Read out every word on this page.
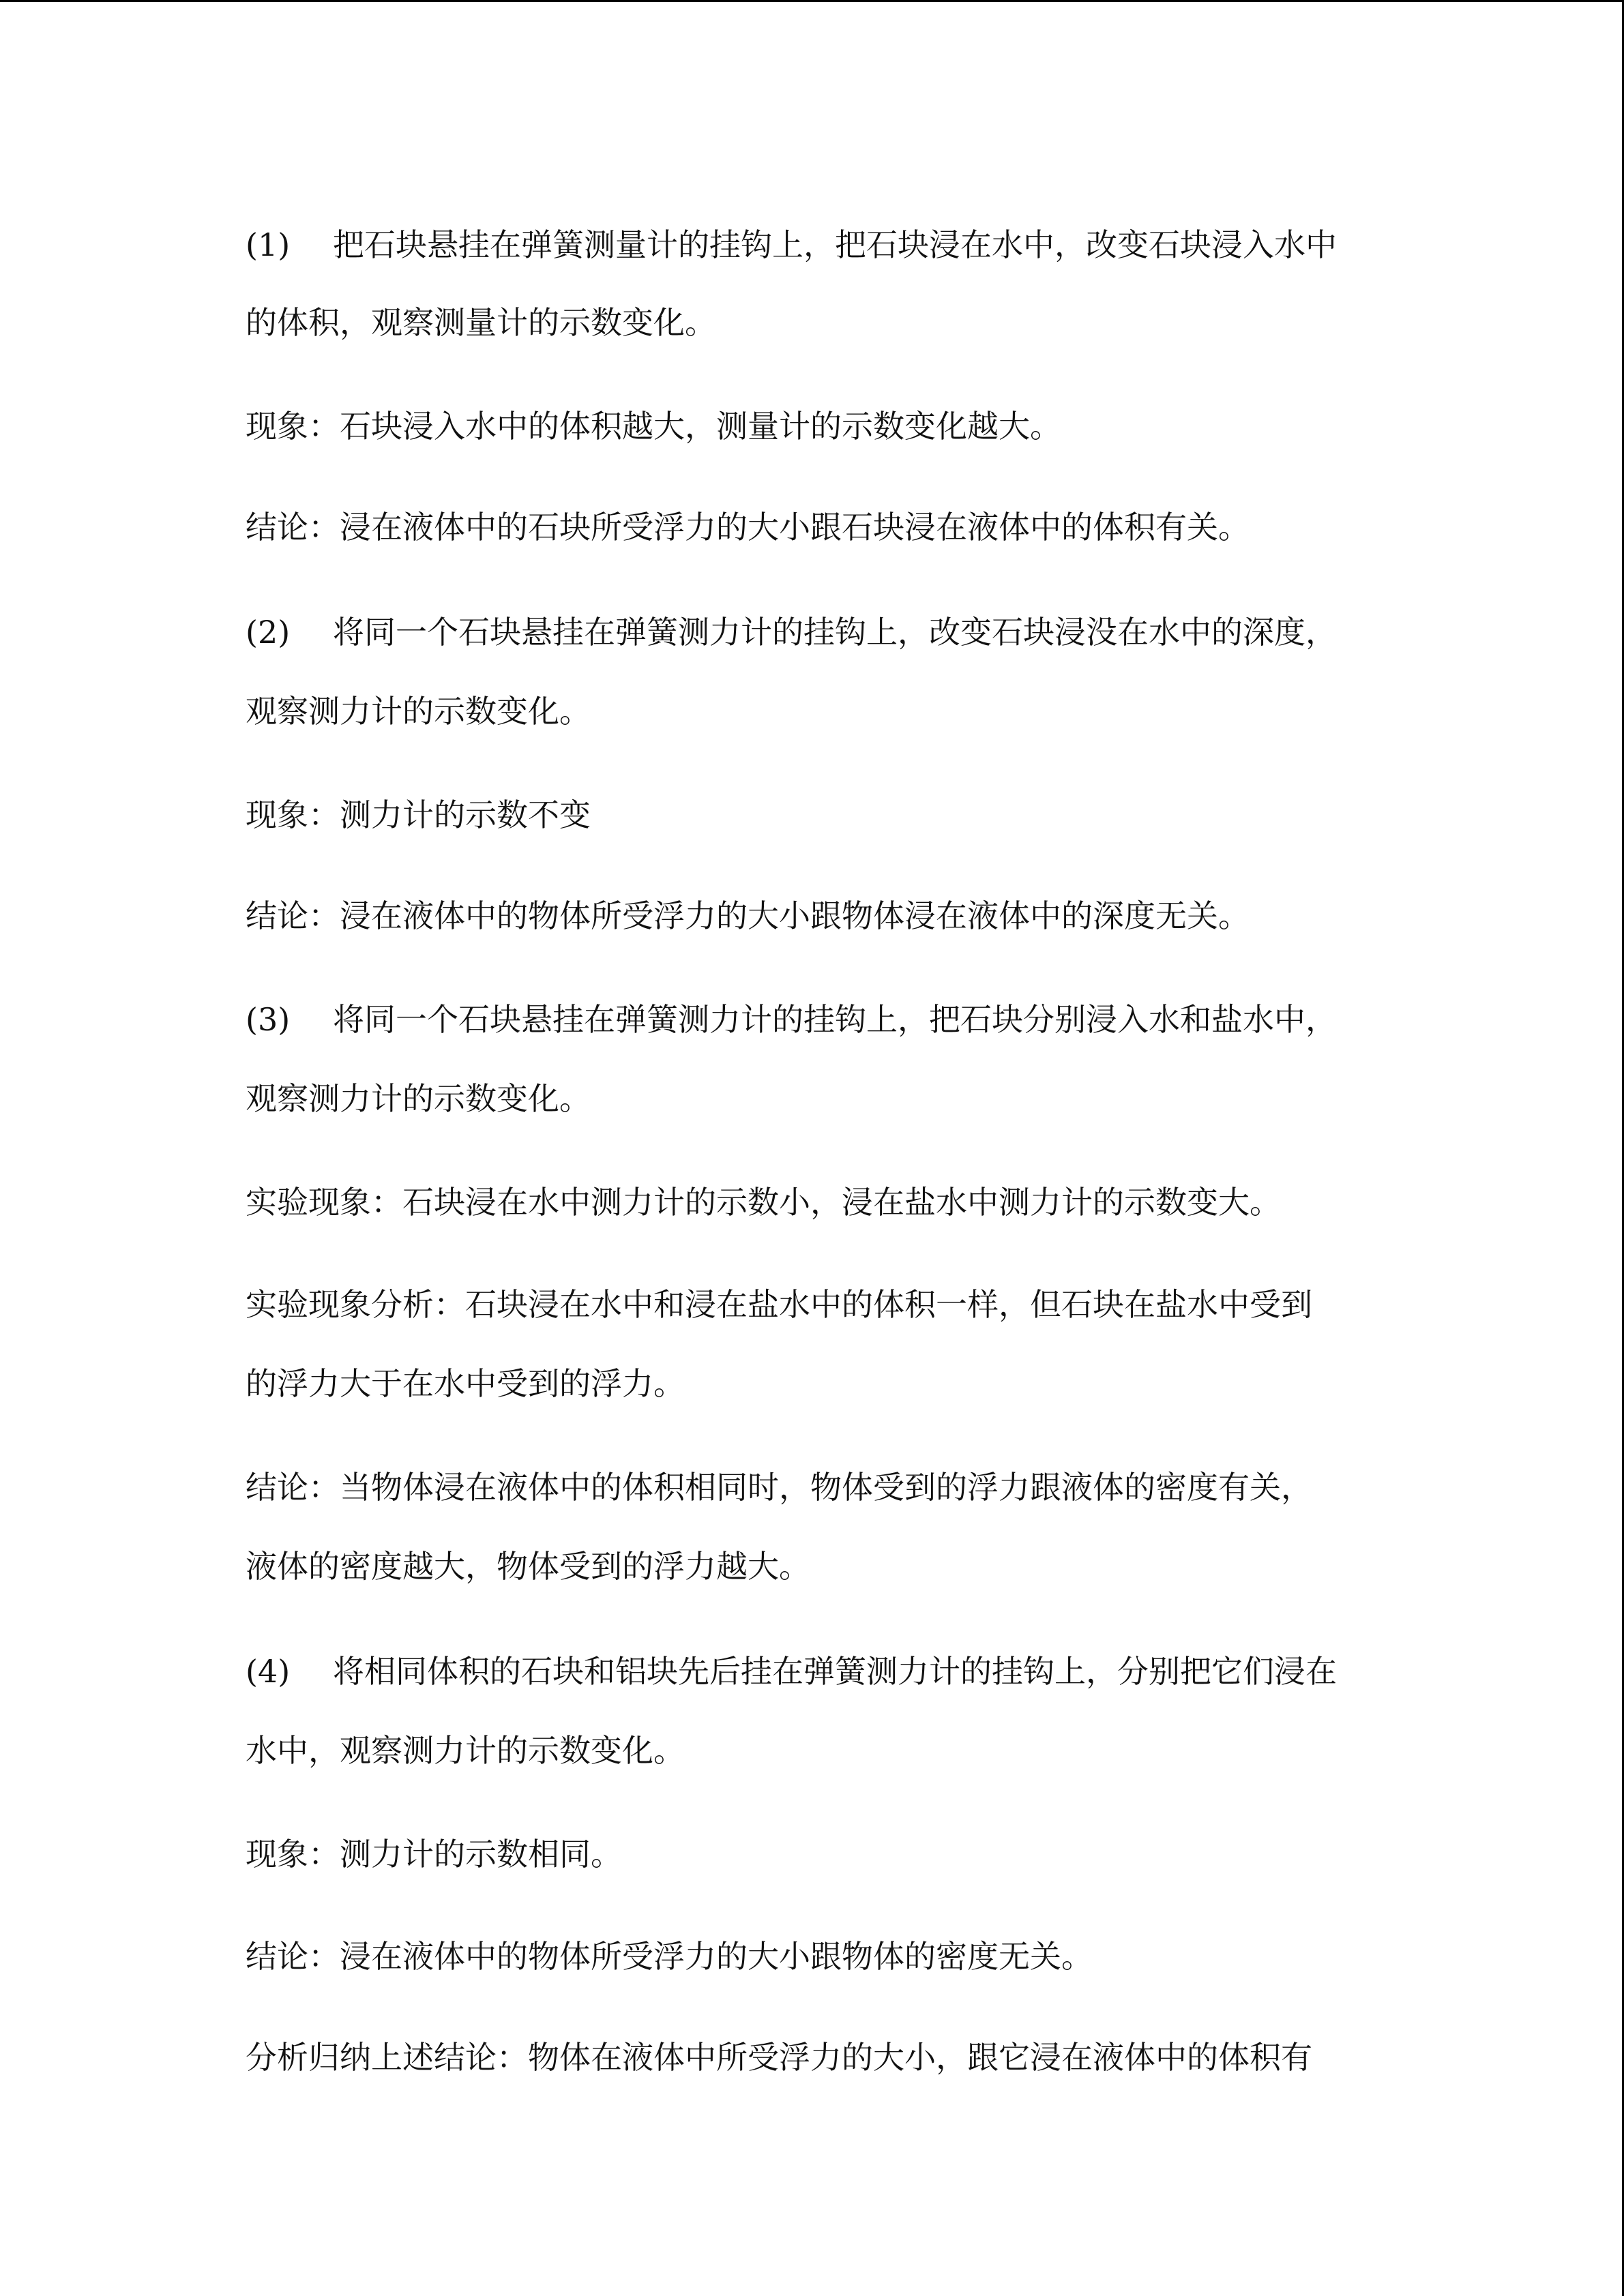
(1) 把石块悬挂在弹簧测量计的挂钩上，把石块浸在水中，改变石块浸入水中
的体积，观察测量计的示数变化。
现象：石块浸入水中的体积越大，测量计的示数变化越大。
结论：浸在液体中的石块所受浮力的大小跟石块浸在液体中的体积有关。
(2) 将同一个石块悬挂在弹簧测力计的挂钩上，改变石块浸没在水中的深度，
观察测力计的示数变化。
现象：测力计的示数不变
结论：浸在液体中的物体所受浮力的大小跟物体浸在液体中的深度无关。
(3) 将同一个石块悬挂在弹簧测力计的挂钩上，把石块分别浸入水和盐水中，
观察测力计的示数变化。
实验现象：石块浸在水中测力计的示数小，浸在盐水中测力计的示数变大。
实验现象分析：石块浸在水中和浸在盐水中的体积一样，但石块在盐水中受到
的浮力大于在水中受到的浮力。
结论：当物体浸在液体中的体积相同时，物体受到的浮力跟液体的密度有关，
液体的密度越大，物体受到的浮力越大。
(4) 将相同体积的石块和铝块先后挂在弹簧测力计的挂钩上，分别把它们浸在
水中，观察测力计的示数变化。
现象：测力计的示数相同。
结论：浸在液体中的物体所受浮力的大小跟物体的密度无关。
分析归纳上述结论：物体在液体中所受浮力的大小，跟它浸在液体中的体积有
